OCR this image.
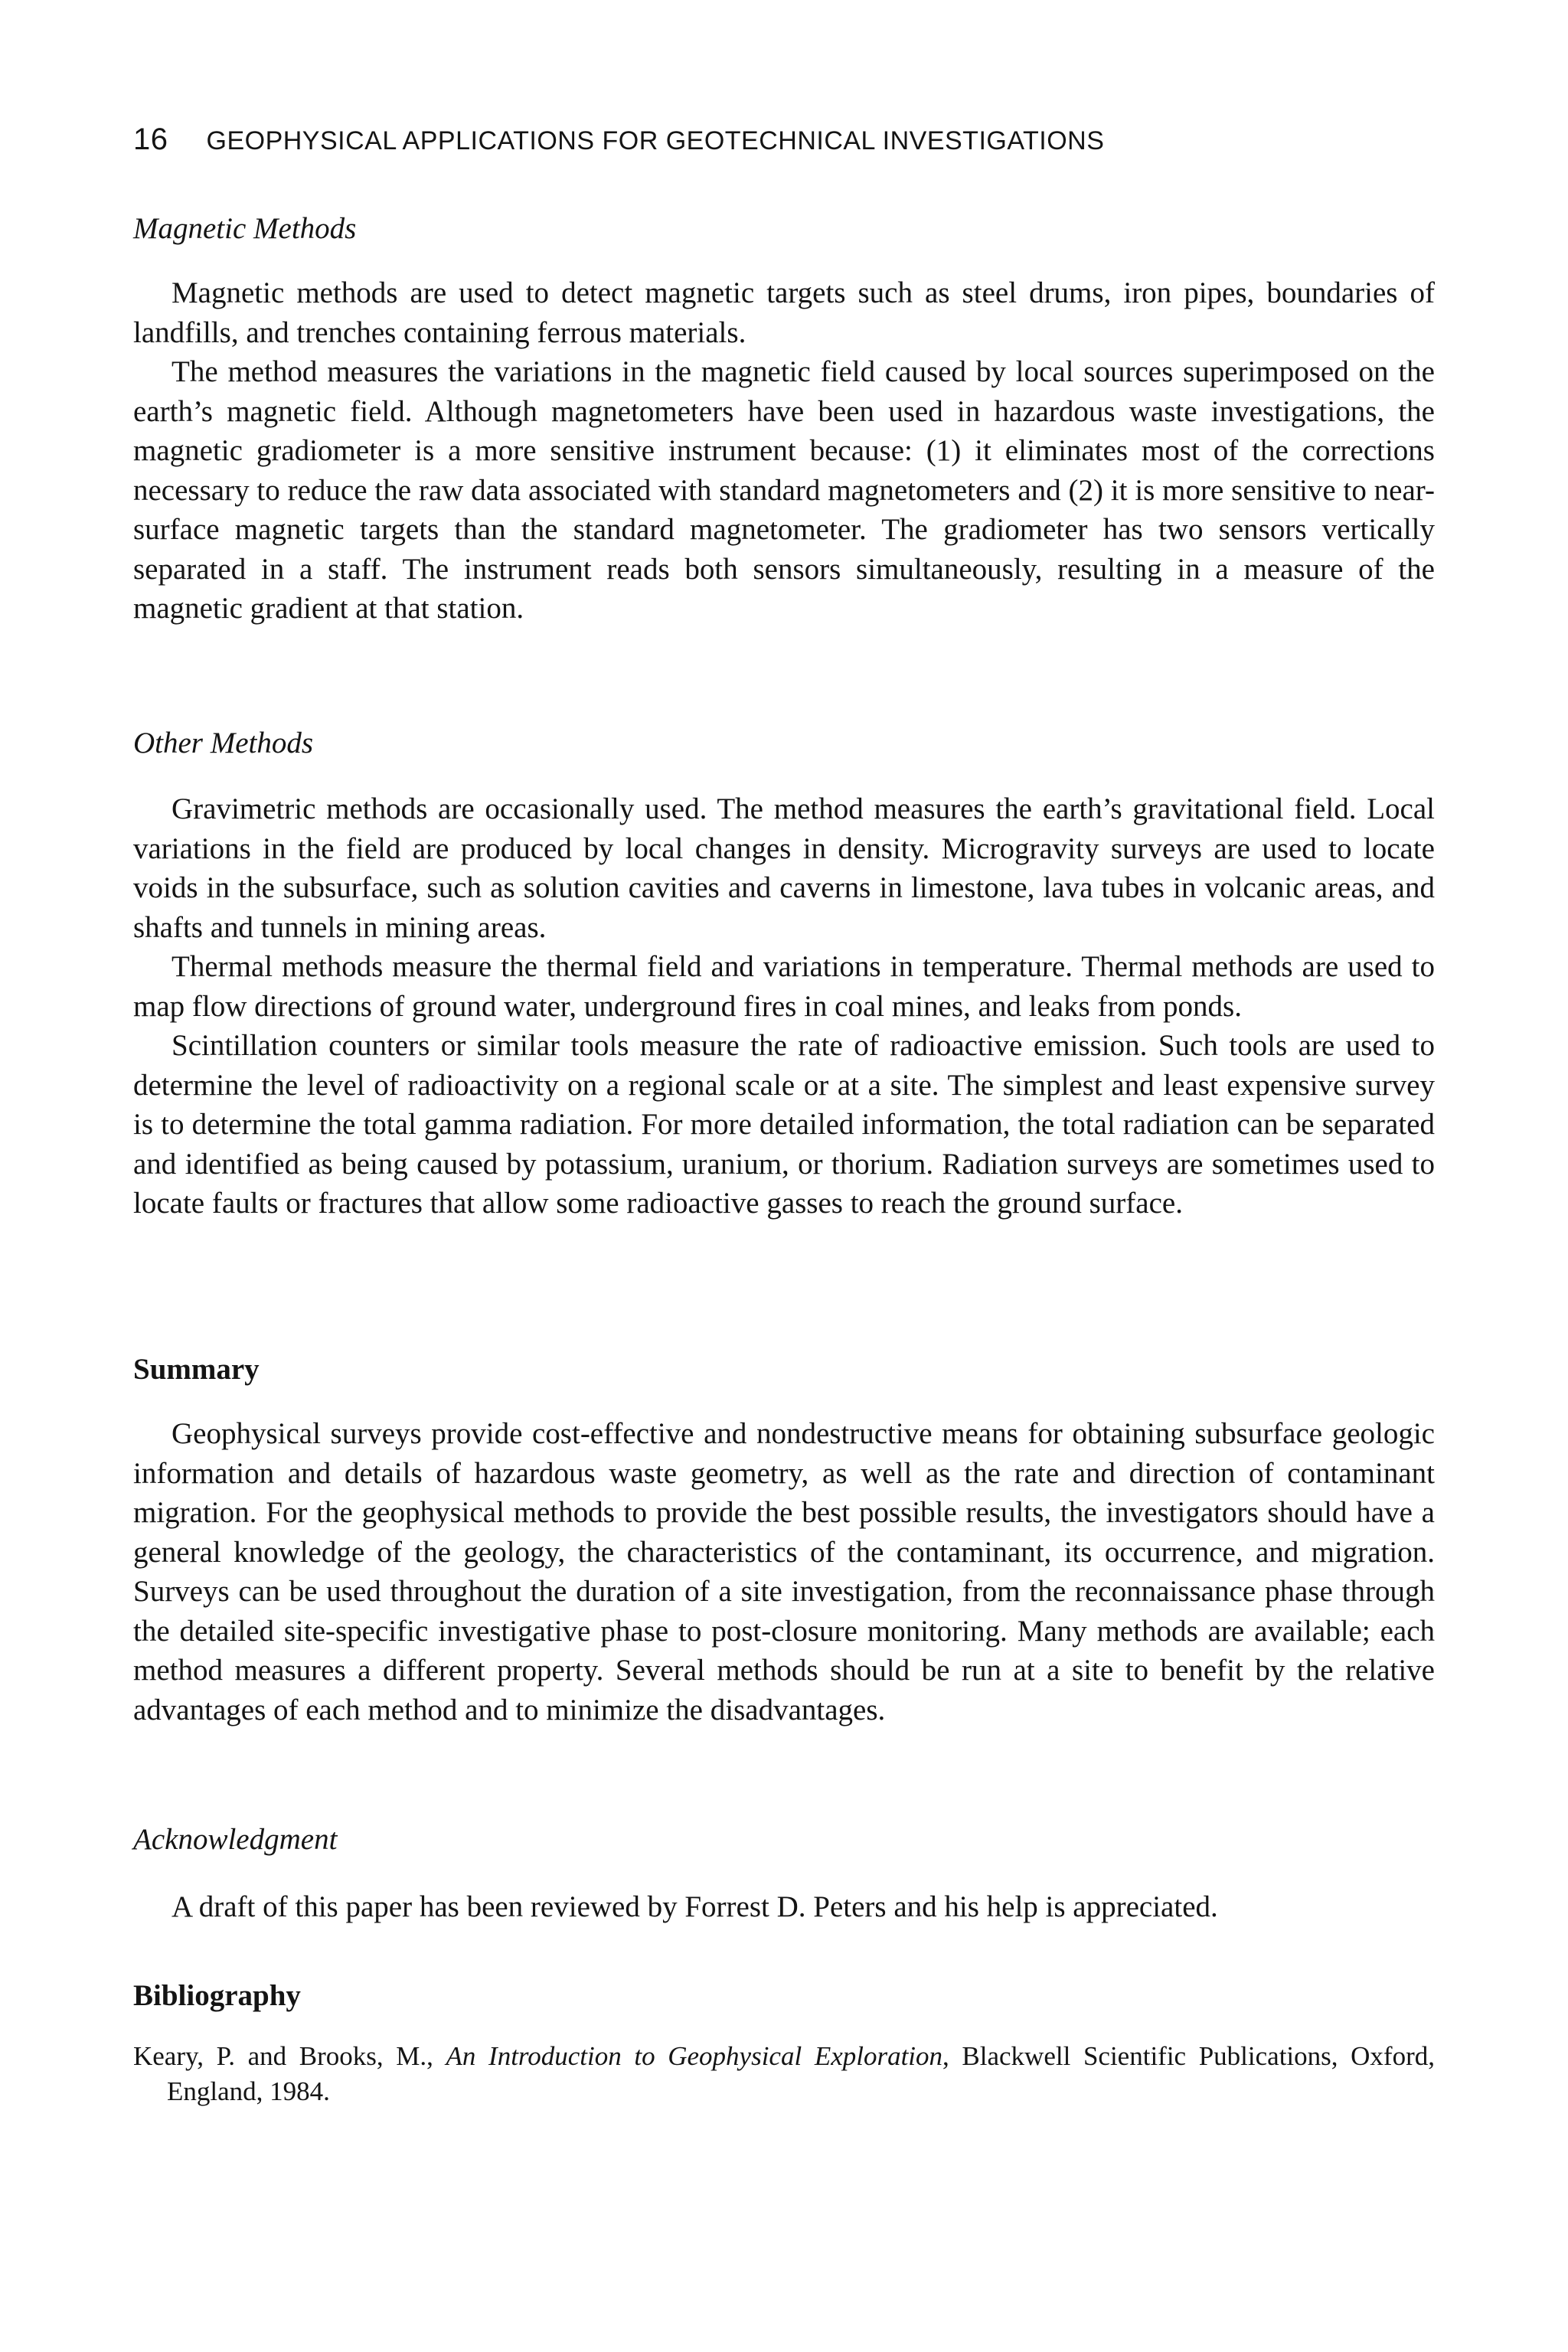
16 GEOPHYSICAL APPLICATIONS FOR GEOTECHNICAL INVESTIGATIONS

Magnetic Methods

Magnetic methods are used to detect magnetic targets such as steel drums, iron pipes, boundaries of landfills, and trenches containing ferrous materials.

The method measures the variations in the magnetic field caused by local sources superimposed on the earth’s magnetic field. Although magnetometers have been used in hazardous waste investigations, the magnetic gradiometer is a more sensitive instrument because: (1) it eliminates most of the corrections necessary to reduce the raw data associated with standard magnetometers and (2) it is more sensitive to near-surface magnetic targets than the standard magnetometer. The gradiometer has two sensors vertically separated in a staff. The instrument reads both sensors simultaneously, resulting in a measure of the magnetic gradient at that station.

Other Methods

Gravimetric methods are occasionally used. The method measures the earth’s gravitational field. Local variations in the field are produced by local changes in density. Microgravity surveys are used to locate voids in the subsurface, such as solution cavities and caverns in limestone, lava tubes in volcanic areas, and shafts and tunnels in mining areas.

Thermal methods measure the thermal field and variations in temperature. Thermal methods are used to map flow directions of ground water, underground fires in coal mines, and leaks from ponds.

Scintillation counters or similar tools measure the rate of radioactive emission. Such tools are used to determine the level of radioactivity on a regional scale or at a site. The simplest and least expensive survey is to determine the total gamma radiation. For more detailed information, the total radiation can be separated and identified as being caused by potassium, uranium, or thorium. Radiation surveys are sometimes used to locate faults or fractures that allow some radioactive gasses to reach the ground surface.

Summary

Geophysical surveys provide cost-effective and nondestructive means for obtaining subsurface geologic information and details of hazardous waste geometry, as well as the rate and direction of contaminant migration. For the geophysical methods to provide the best possible results, the investigators should have a general knowledge of the geology, the characteristics of the contaminant, its occurrence, and migration. Surveys can be used throughout the duration of a site investigation, from the reconnaissance phase through the detailed site-specific investigative phase to post-closure monitoring. Many methods are available; each method measures a different property. Several methods should be run at a site to benefit by the relative advantages of each method and to minimize the disadvantages.

Acknowledgment

A draft of this paper has been reviewed by Forrest D. Peters and his help is appreciated.

Bibliography

Keary, P. and Brooks, M., An Introduction to Geophysical Exploration, Blackwell Scientific Publications, Oxford, England, 1984.
